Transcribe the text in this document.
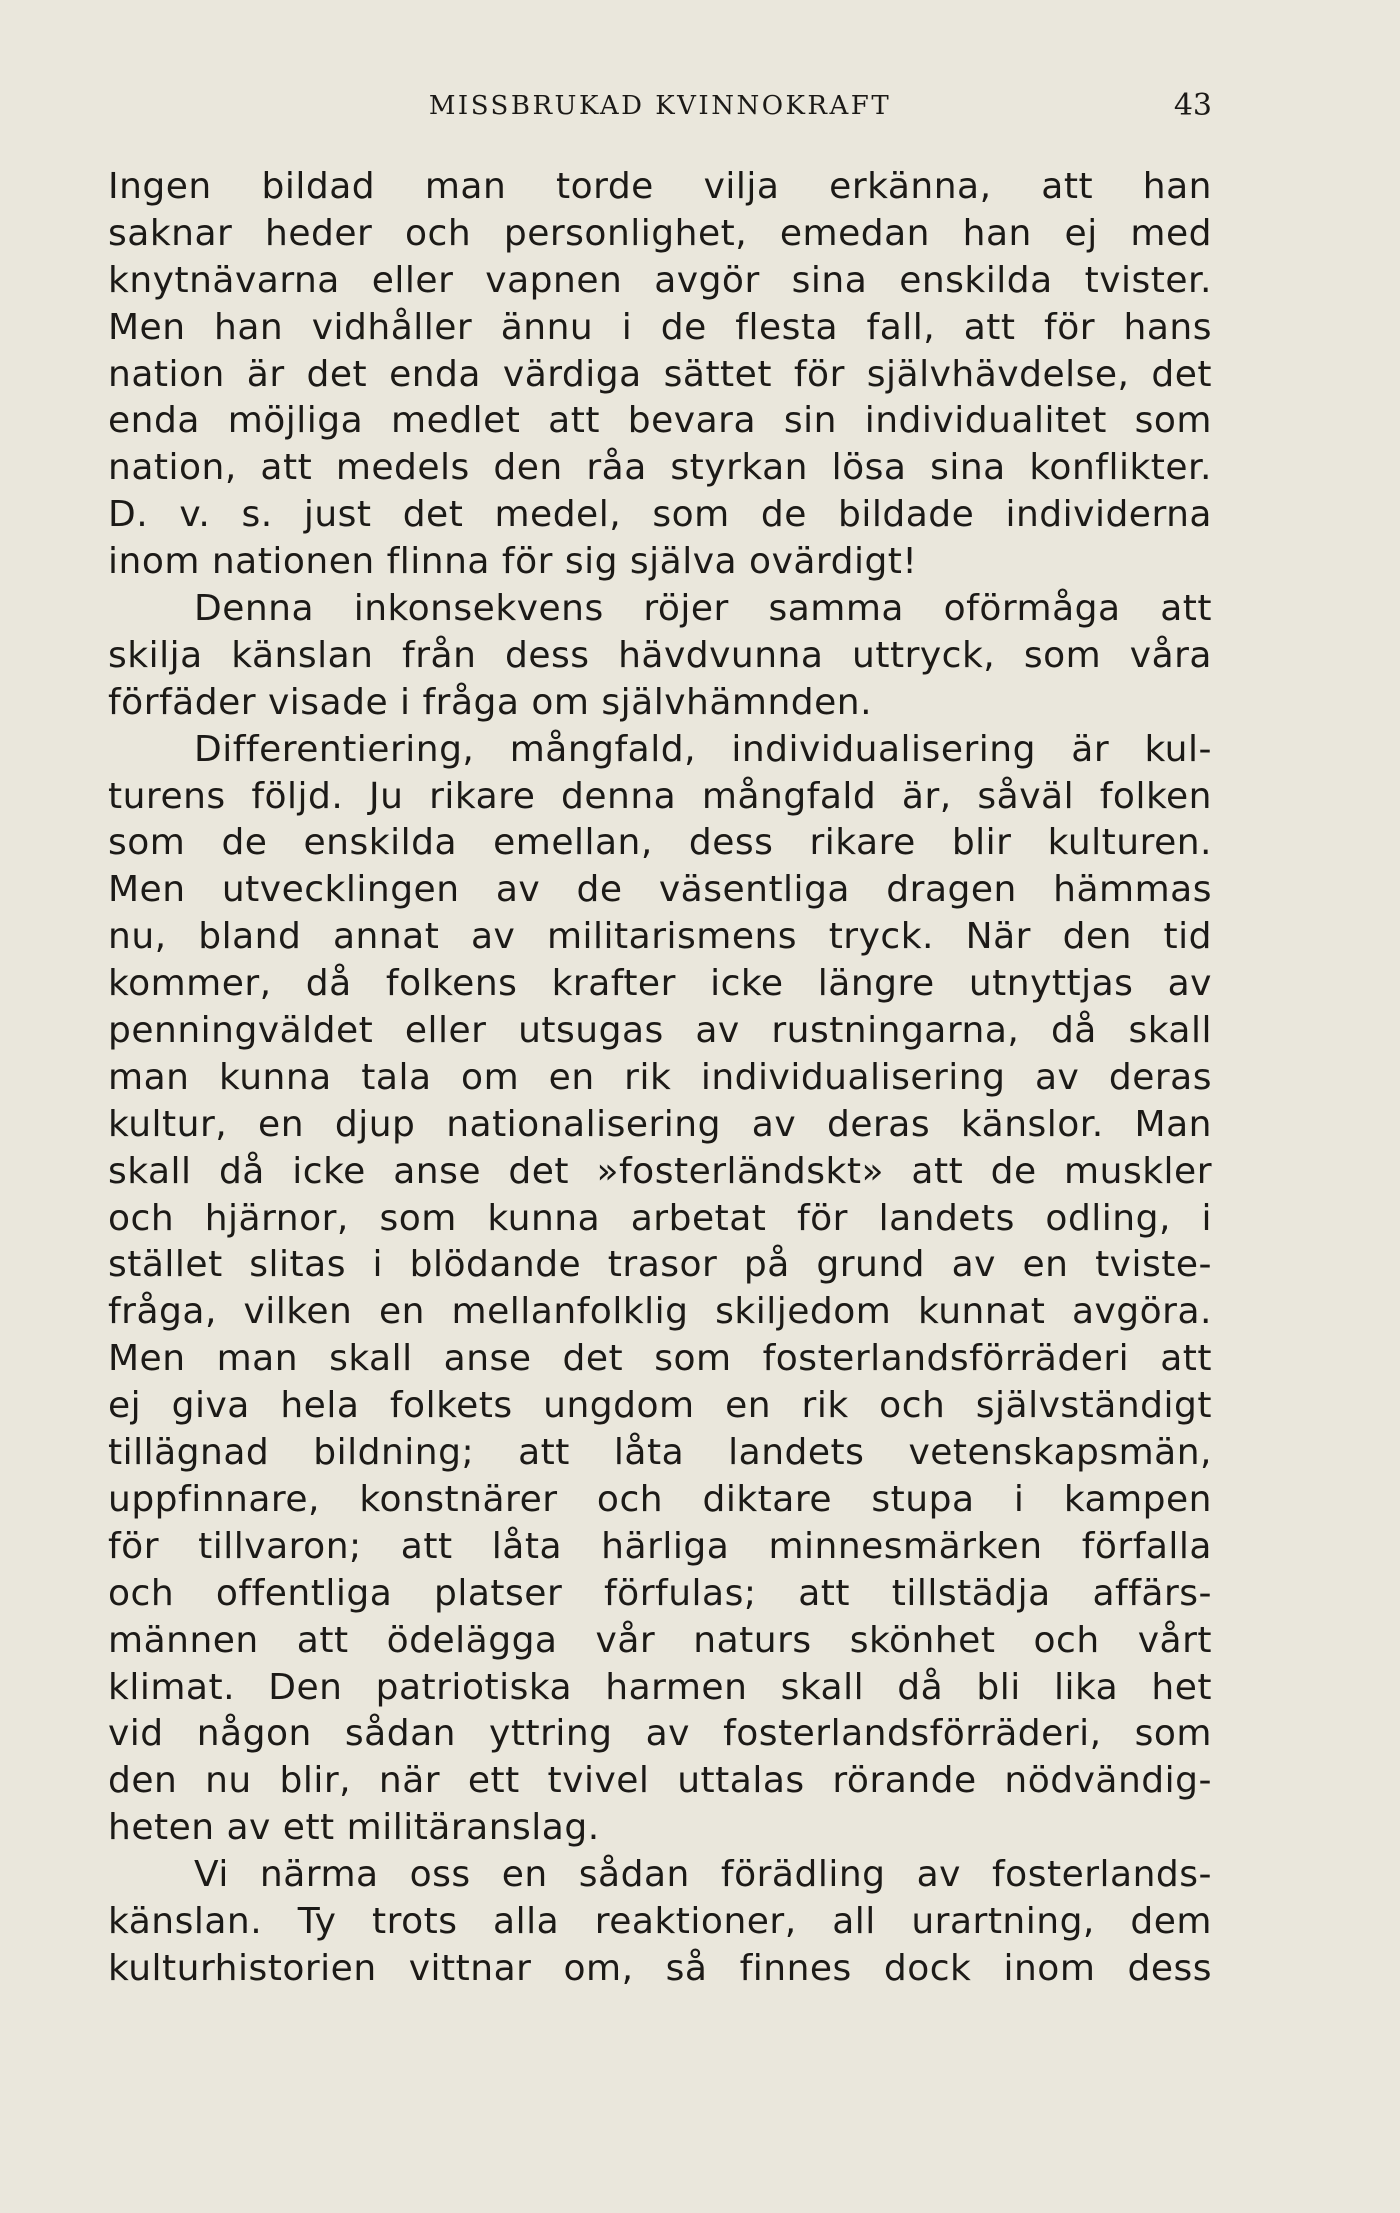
MISSBRUKAD KVINNOKRAFT	43
Ingen bildad man torde vilja erkänna, att han
saknar heder och personlighet, emedan han ej med
knytnävarna eller vapnen avgör sina enskilda tvister.
Men han vidhåller ännu i de flesta fall, att för hans
nation är det enda värdiga sättet för självhävdelse, det
enda möjliga medlet att bevara sin individualitet som
nation, att medels den råa styrkan lösa sina konflikter.
D. v. s. just det medel, som de bildade individerna
inom nationen flinna för sig själva ovärdigt!
Denna inkonsekvens röjer samma oförmåga att
skilja känslan från dess hävdvunna uttryck, som våra
förfäder visade i fråga om självhämnden.
Differentiering, mångfald, individualisering är kul-
turens följd. Ju rikare denna mångfald är, såväl folken
som de enskilda emellan, dess rikare blir kulturen.
Men utvecklingen av de väsentliga dragen hämmas
nu, bland annat av militarismens tryck. När den tid
kommer, då folkens krafter icke längre utnyttjas av
penningväldet eller utsugas av rustningarna, då skall
man kunna tala om en rik individualisering av deras
kultur, en djup nationalisering av deras känslor. Man
skall då icke anse det »fosterländskt» att de muskler
och hjärnor, som kunna arbetat för landets odling, i
stället slitas i blödande trasor på grund av en tviste-
fråga, vilken en mellanfolklig skiljedom kunnat avgöra.
Men man skall anse det som fosterlandsförräderi att
ej giva hela folkets ungdom en rik och självständigt
tillägnad bildning; att låta landets vetenskapsmän,
uppfinnare, konstnärer och diktare stupa i kampen
för tillvaron; att låta härliga minnesmärken förfalla
och offentliga platser förfulas; att tillstädja affärs-
männen att ödelägga vår naturs skönhet och vårt
klimat. Den patriotiska harmen skall då bli lika het
vid någon sådan yttring av fosterlandsförräderi, som
den nu blir, när ett tvivel uttalas rörande nödvändig-
heten av ett militäranslag.
Vi närma oss en sådan förädling av fosterlands-
känslan. Ty trots alla reaktioner, all urartning, dem
kulturhistorien vittnar om, så finnes dock inom dess
